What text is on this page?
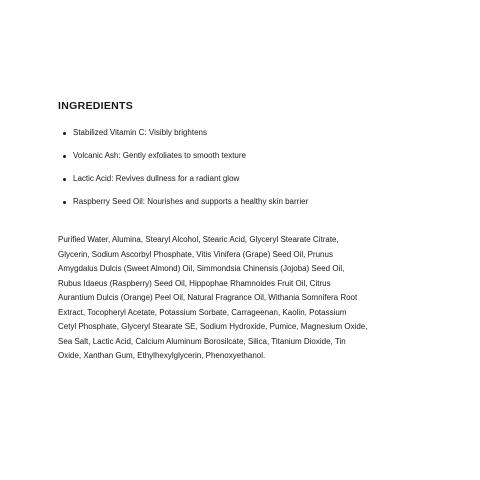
INGREDIENTS
Stabilized Vitamin C: Visibly brightens
Volcanic Ash: Gently exfoliates to smooth texture
Lactic Acid: Revives dullness for a radiant glow
Raspberry Seed Oil: Nourishes and supports a healthy skin barrier
Purified Water, Alumina, Stearyl Alcohol, Stearic Acid, Glyceryl Stearate Citrate,
Glycerin, Sodium Ascorbyl Phosphate, Vitis Vinifera (Grape) Seed Oil, Prunus
Amygdalus Dulcis (Sweet Almond) Oil, Simmondsia Chinensis (Jojoba) Seed Oil,
Rubus Idaeus (Raspberry) Seed Oil, Hippophae Rhamnoides Fruit Oil, Citrus
Aurantium Dulcis (Orange) Peel Oil, Natural Fragrance Oil, Withania Somnifera Root
Extract, Tocopheryl Acetate, Potassium Sorbate, Carrageenan, Kaolin, Potassium
Cetyl Phosphate, Glyceryl Stearate SE, Sodium Hydroxide, Pumice, Magnesium Oxide,
Sea Salt, Lactic Acid, Calcium Aluminum Borosilcate, Silica, Titanium Dioxide, Tin
Oxide, Xanthan Gum, Ethylhexylglycerin, Phenoxyethanol.
